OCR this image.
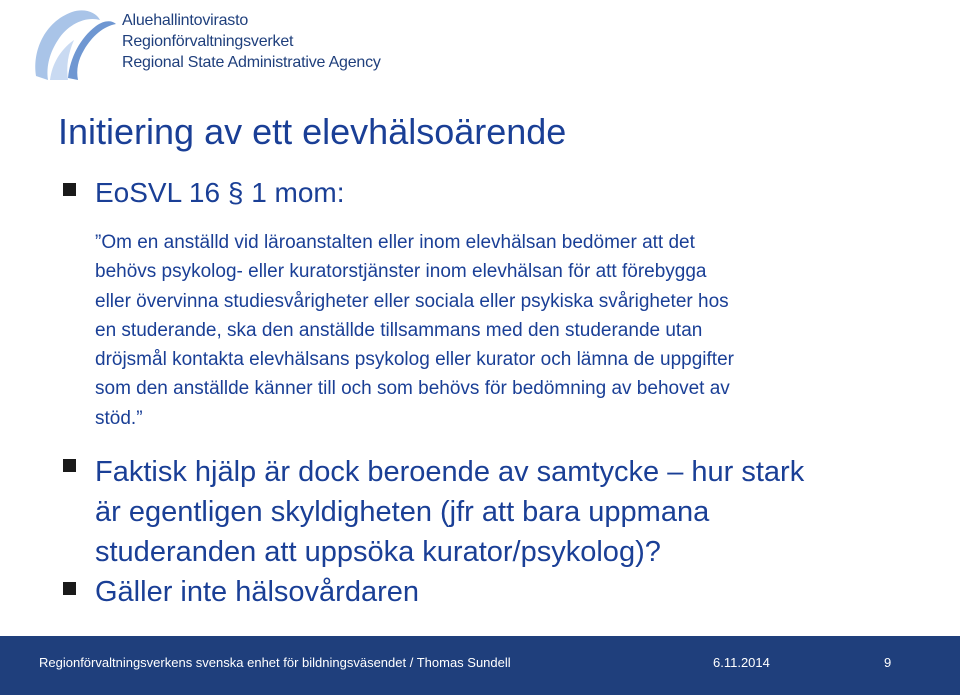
Aluehallintovirasto
Regionförvaltningsverket
Regional State Administrative Agency
Initiering av ett elevhälsoärende
EoSVL 16 § 1 mom:
”Om en anställd vid läroanstalten eller inom elevhälsan bedömer att det
behövs psykolog- eller kuratorstjänster inom elevhälsan för att förebygga
eller övervinna studiesvårigheter eller sociala eller psykiska svårigheter hos
en studerande, ska den anställde tillsammans med den studerande utan
dröjsmål kontakta elevhälsans psykolog eller kurator och lämna de uppgifter
som den anställde känner till och som behövs för bedömning av behovet av
stöd.”
Faktisk hjälp är dock beroende av samtycke – hur stark
är egentligen skyldigheten (jfr att bara uppmana
studeranden att uppsöka kurator/psykolog)?
Gäller inte hälsovårdaren
Regionförvaltningsverkens svenska enhet för bildningsväsendet / Thomas Sundell	6.11.2014	9
